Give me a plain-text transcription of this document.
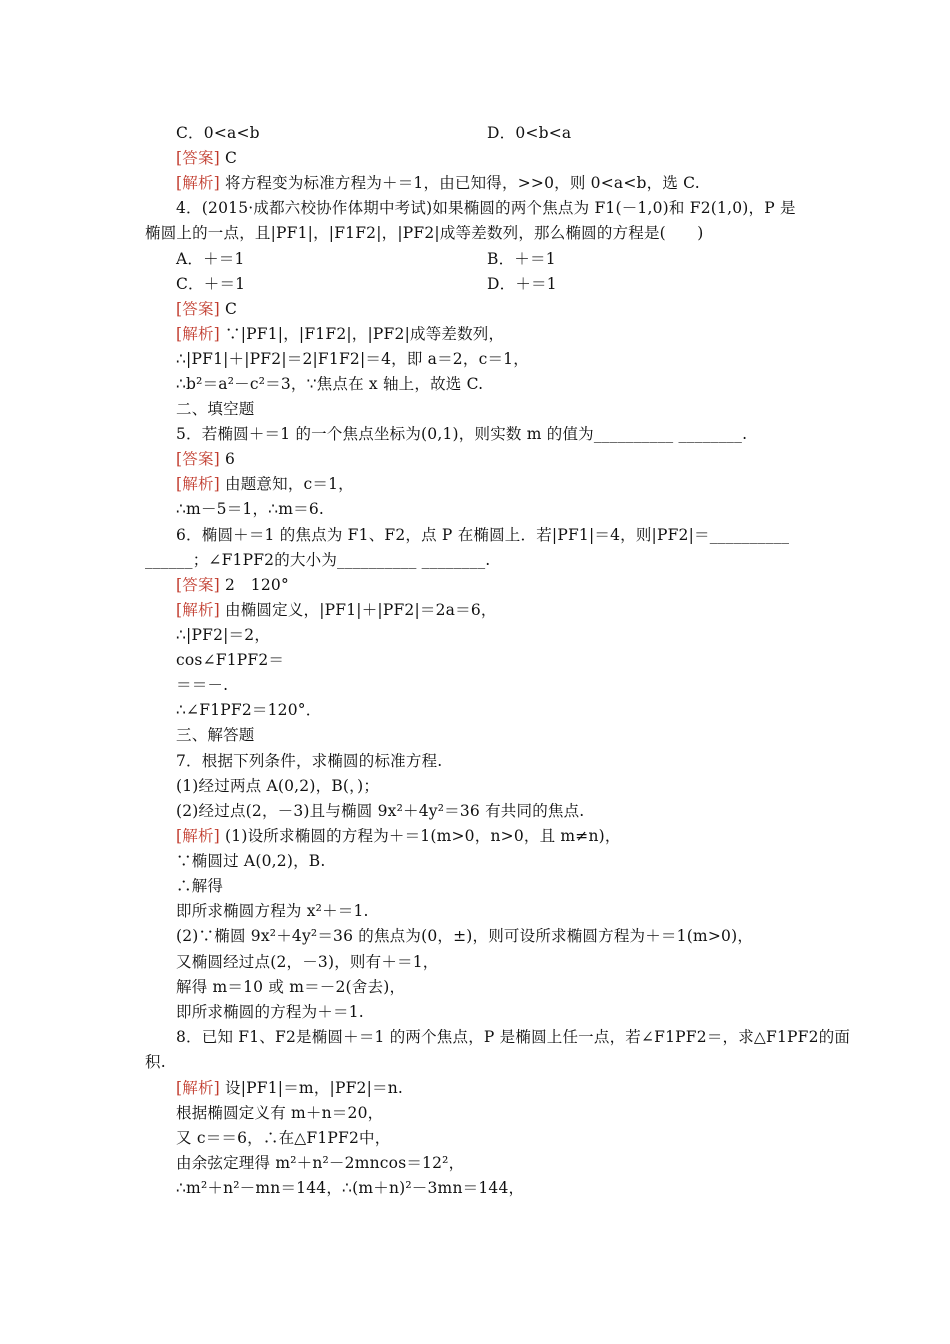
C．0<a<b	D．0<b<a
[答案] C
[解析] 将方程变为标准方程为＋＝1，由已知得，>>0，则 0<a<b，选 C.
4．(2015·成都六校协作体期中考试)如果椭圆的两个焦点为 F1(－1,0)和 F2(1,0)，P 是
椭圆上的一点，且|PF1|，|F1F2|，|PF2|成等差数列，那么椭圆的方程是(　　)
A．＋＝1	B．＋＝1
C．＋＝1	D．＋＝1
[答案] C
[解析] ∵|PF1|，|F1F2|，|PF2|成等差数列，
∴|PF1|＋|PF2|＝2|F1F2|＝4，即 a＝2，c＝1，
∴b²＝a²－c²＝3，∵焦点在 x 轴上，故选 C.
二、填空题
5．若椭圆＋＝1 的一个焦点坐标为(0,1)，则实数 m 的值为__________ ________.
[答案] 6
[解析] 由题意知，c＝1，
∴m－5＝1，∴m＝6.
6．椭圆＋＝1 的焦点为 F1、F2，点 P 在椭圆上．若|PF1|＝4，则|PF2|＝__________
______；∠F1PF2的大小为__________ ________.
[答案] 2　120°
[解析] 由椭圆定义，|PF1|＋|PF2|＝2a＝6，
∴|PF2|＝2，
cos∠F1PF2＝
＝＝－.
∴∠F1PF2＝120°．
三、解答题
7．根据下列条件，求椭圆的标准方程.
(1)经过两点 A(0,2)，B(，)；
(2)经过点(2，－3)且与椭圆 9x²＋4y²＝36 有共同的焦点.
[解析] (1)设所求椭圆的方程为＋＝1(m>0，n>0，且 m≠n)，
∵椭圆过 A(0,2)，B.
∴解得
即所求椭圆方程为 x²＋＝1.
(2)∵椭圆 9x²＋4y²＝36 的焦点为(0，±)，则可设所求椭圆方程为＋＝1(m>0)，
又椭圆经过点(2，－3)，则有＋＝1，
解得 m＝10 或 m＝－2(舍去)，
即所求椭圆的方程为＋＝1.
8．已知 F1、F2是椭圆＋＝1 的两个焦点，P 是椭圆上任一点，若∠F1PF2＝，求△F1PF2的面
积.
[解析] 设|PF1|＝m，|PF2|＝n.
根据椭圆定义有 m＋n＝20，
又 c＝＝6，∴在△F1PF2中，
由余弦定理得 m²＋n²－2mncos＝12²，
∴m²＋n²－mn＝144，∴(m＋n)²－3mn＝144，
